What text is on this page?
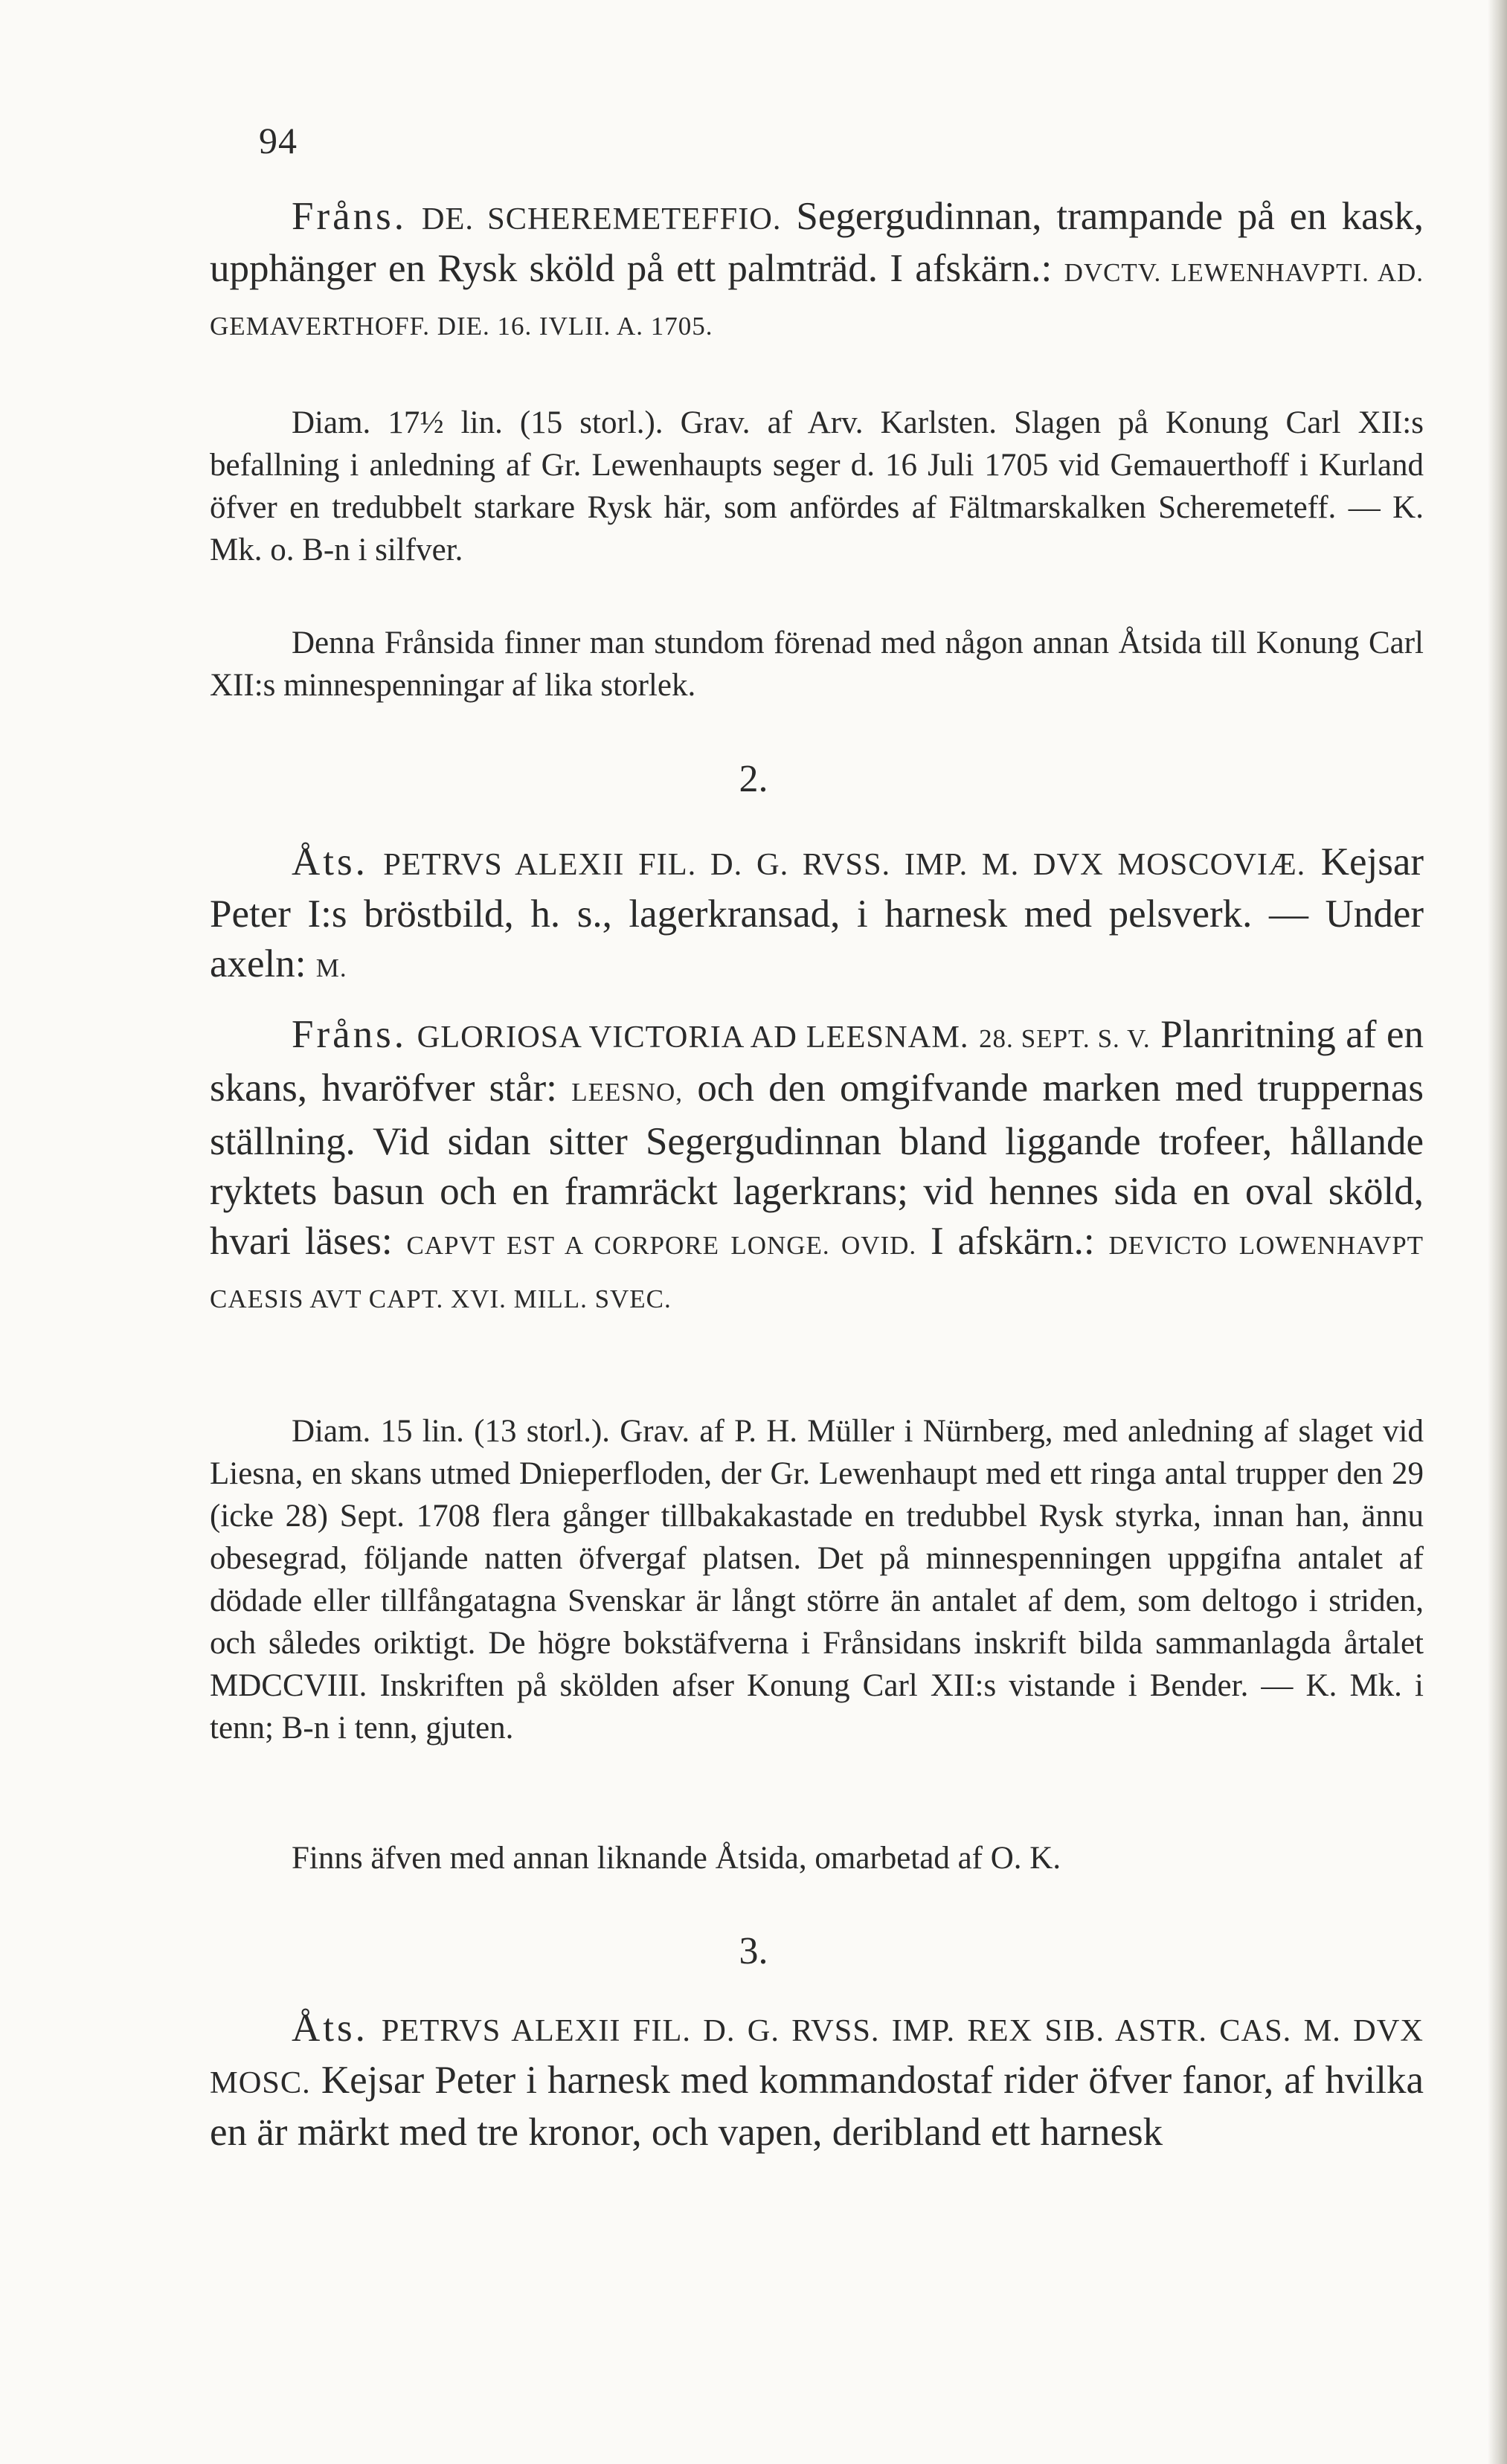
94

Fråns. DE. SCHEREMETEFFIO. Segergudinnan, trampande på en kask, upphänger en Rysk sköld på ett palmträd. I afskärn.: DVCTV. LEWENHAVPTI. AD. GEMAVERTHOFF. DIE. 16. IVLII. A. 1705.

Diam. 17½ lin. (15 storl.). Grav. af Arv. Karlsten. Slagen på Konung Carl XII:s befallning i anledning af Gr. Lewenhaupts seger d. 16 Juli 1705 vid Gemauerthoff i Kurland öfver en tredubbelt starkare Rysk här, som anfördes af Fältmarskalken Scheremeteff. — K. Mk. o. B-n i silfver.

Denna Frånsida finner man stundom förenad med någon annan Åtsida till Konung Carl XII:s minnespenningar af lika storlek.

2.

Åts. PETRVS ALEXII FIL. D. G. RVSS. IMP. M. DVX MOSCOVIÆ. Kejsar Peter I:s bröstbild, h. s., lagerkransad, i harnesk med pelsverk. — Under axeln: M.

Fråns. GLORIOSA VICTORIA AD LEESNAM. 28. SEPT. S. V. Planritning af en skans, hvaröfver står: LEESNO, och den omgifvande marken med truppernas ställning. Vid sidan sitter Segergudinnan bland liggande trofeer, hållande ryktets basun och en framräckt lagerkrans; vid hennes sida en oval sköld, hvari läses: CAPVT EST A CORPORE LONGE. OVID. I afskärn.: DEVICTO LOWENHAVPT CAESIS AVT CAPT. XVI. MILL. SVEC.

Diam. 15 lin. (13 storl.). Grav. af P. H. Müller i Nürnberg, med anledning af slaget vid Liesna, en skans utmed Dnieperfloden, der Gr. Lewenhaupt med ett ringa antal trupper den 29 (icke 28) Sept. 1708 flera gånger tillbakakastade en tredubbel Rysk styrka, innan han, ännu obesegrad, följande natten öfvergaf platsen. Det på minnespenningen uppgifna antalet af dödade eller tillfångatagna Svenskar är långt större än antalet af dem, som deltogo i striden, och således oriktigt. De högre bokstäfverna i Frånsidans inskrift bilda sammanlagda årtalet MDCCVIII. Inskriften på skölden afser Konung Carl XII:s vistande i Bender. — K. Mk. i tenn; B-n i tenn, gjuten.

Finns äfven med annan liknande Åtsida, omarbetad af O. K.

3.

Åts. PETRVS ALEXII FIL. D. G. RVSS. IMP. REX SIB. ASTR. CAS. M. DVX MOSC. Kejsar Peter i harnesk med kommandostaf rider öfver fanor, af hvilka en är märkt med tre kronor, och vapen, deribland ett harnesk
